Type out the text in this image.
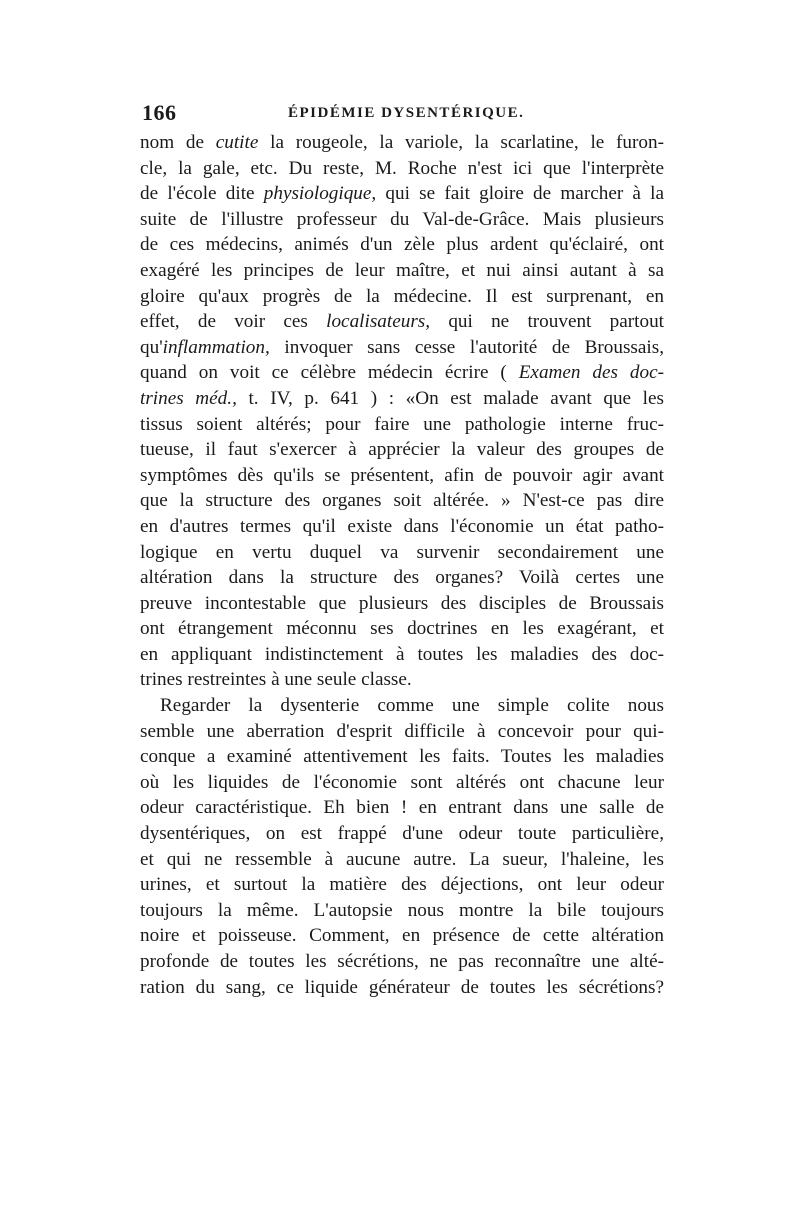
166	ÉPIDÉMIE DYSENTÉRIQUE.
nom de cutite la rougeole, la variole, la scarlatine, le furon-
cle, la gale, etc. Du reste, M. Roche n'est ici que l'interprète
de l'école dite physiologique, qui se fait gloire de marcher à la
suite de l'illustre professeur du Val-de-Grâce. Mais plusieurs
de ces médecins, animés d'un zèle plus ardent qu'éclairé, ont
exagéré les principes de leur maître, et nui ainsi autant à sa
gloire qu'aux progrès de la médecine. Il est surprenant, en
effet, de voir ces localisateurs, qui ne trouvent partout
qu'inflammation, invoquer sans cesse l'autorité de Broussais,
quand on voit ce célèbre médecin écrire ( Examen des doc-
trines méd., t. IV, p. 641 ) : «On est malade avant que les
tissus soient altérés; pour faire une pathologie interne fruc-
tueuse, il faut s'exercer à apprécier la valeur des groupes de
symptômes dès qu'ils se présentent, afin de pouvoir agir avant
que la structure des organes soit altérée. » N'est-ce pas dire
en d'autres termes qu'il existe dans l'économie un état patho-
logique en vertu duquel va survenir secondairement une
altération dans la structure des organes? Voilà certes une
preuve incontestable que plusieurs des disciples de Broussais
ont étrangement méconnu ses doctrines en les exagérant, et
en appliquant indistinctement à toutes les maladies des doc-
trines restreintes à une seule classe.
Regarder la dysenterie comme une simple colite nous
semble une aberration d'esprit difficile à concevoir pour qui-
conque a examiné attentivement les faits. Toutes les maladies
où les liquides de l'économie sont altérés ont chacune leur
odeur caractéristique. Eh bien ! en entrant dans une salle de
dysentériques, on est frappé d'une odeur toute particulière,
et qui ne ressemble à aucune autre. La sueur, l'haleine, les
urines, et surtout la matière des déjections, ont leur odeur
toujours la même. L'autopsie nous montre la bile toujours
noire et poisseuse. Comment, en présence de cette altération
profonde de toutes les sécrétions, ne pas reconnaître une alté-
ration du sang, ce liquide générateur de toutes les sécrétions?
